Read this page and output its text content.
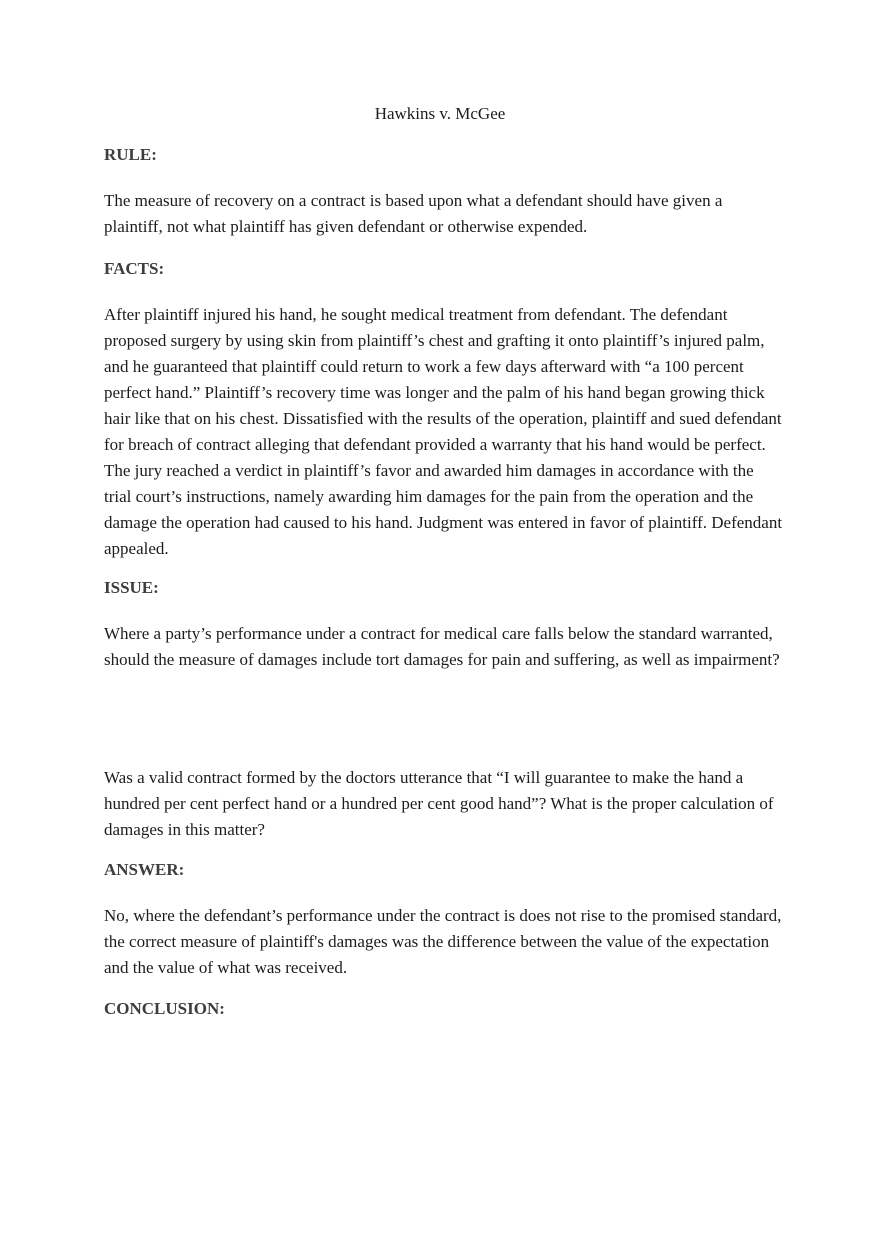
Hawkins v. McGee
RULE:

The measure of recovery on a contract is based upon what a defendant should have given a plaintiff, not what plaintiff has given defendant or otherwise expended.

FACTS:

After plaintiff injured his hand, he sought medical treatment from defendant. The defendant proposed surgery by using skin from plaintiff’s chest and grafting it onto plaintiff’s injured palm, and he guaranteed that plaintiff could return to work a few days afterward with “a 100 percent perfect hand.” Plaintiff’s recovery time was longer and the palm of his hand began growing thick hair like that on his chest. Dissatisfied with the results of the operation, plaintiff and sued defendant for breach of contract alleging that defendant provided a warranty that his hand would be perfect. The jury reached a verdict in plaintiff’s favor and awarded him damages in accordance with the trial court’s instructions, namely awarding him damages for the pain from the operation and the damage the operation had caused to his hand. Judgment was entered in favor of plaintiff. Defendant appealed.

ISSUE:

Where a party’s performance under a contract for medical care falls below the standard warranted, should the measure of damages include tort damages for pain and suffering, as well as impairment?

Was a valid contract formed by the doctors utterance that “I will guarantee to make the hand a hundred per cent perfect hand or a hundred per cent good hand”? What is the proper calculation of damages in this matter?

ANSWER:

No, where the defendant’s performance under the contract is does not rise to the promised standard, the correct measure of plaintiff's damages was the difference between the value of the expectation and the value of what was received.

CONCLUSION:
